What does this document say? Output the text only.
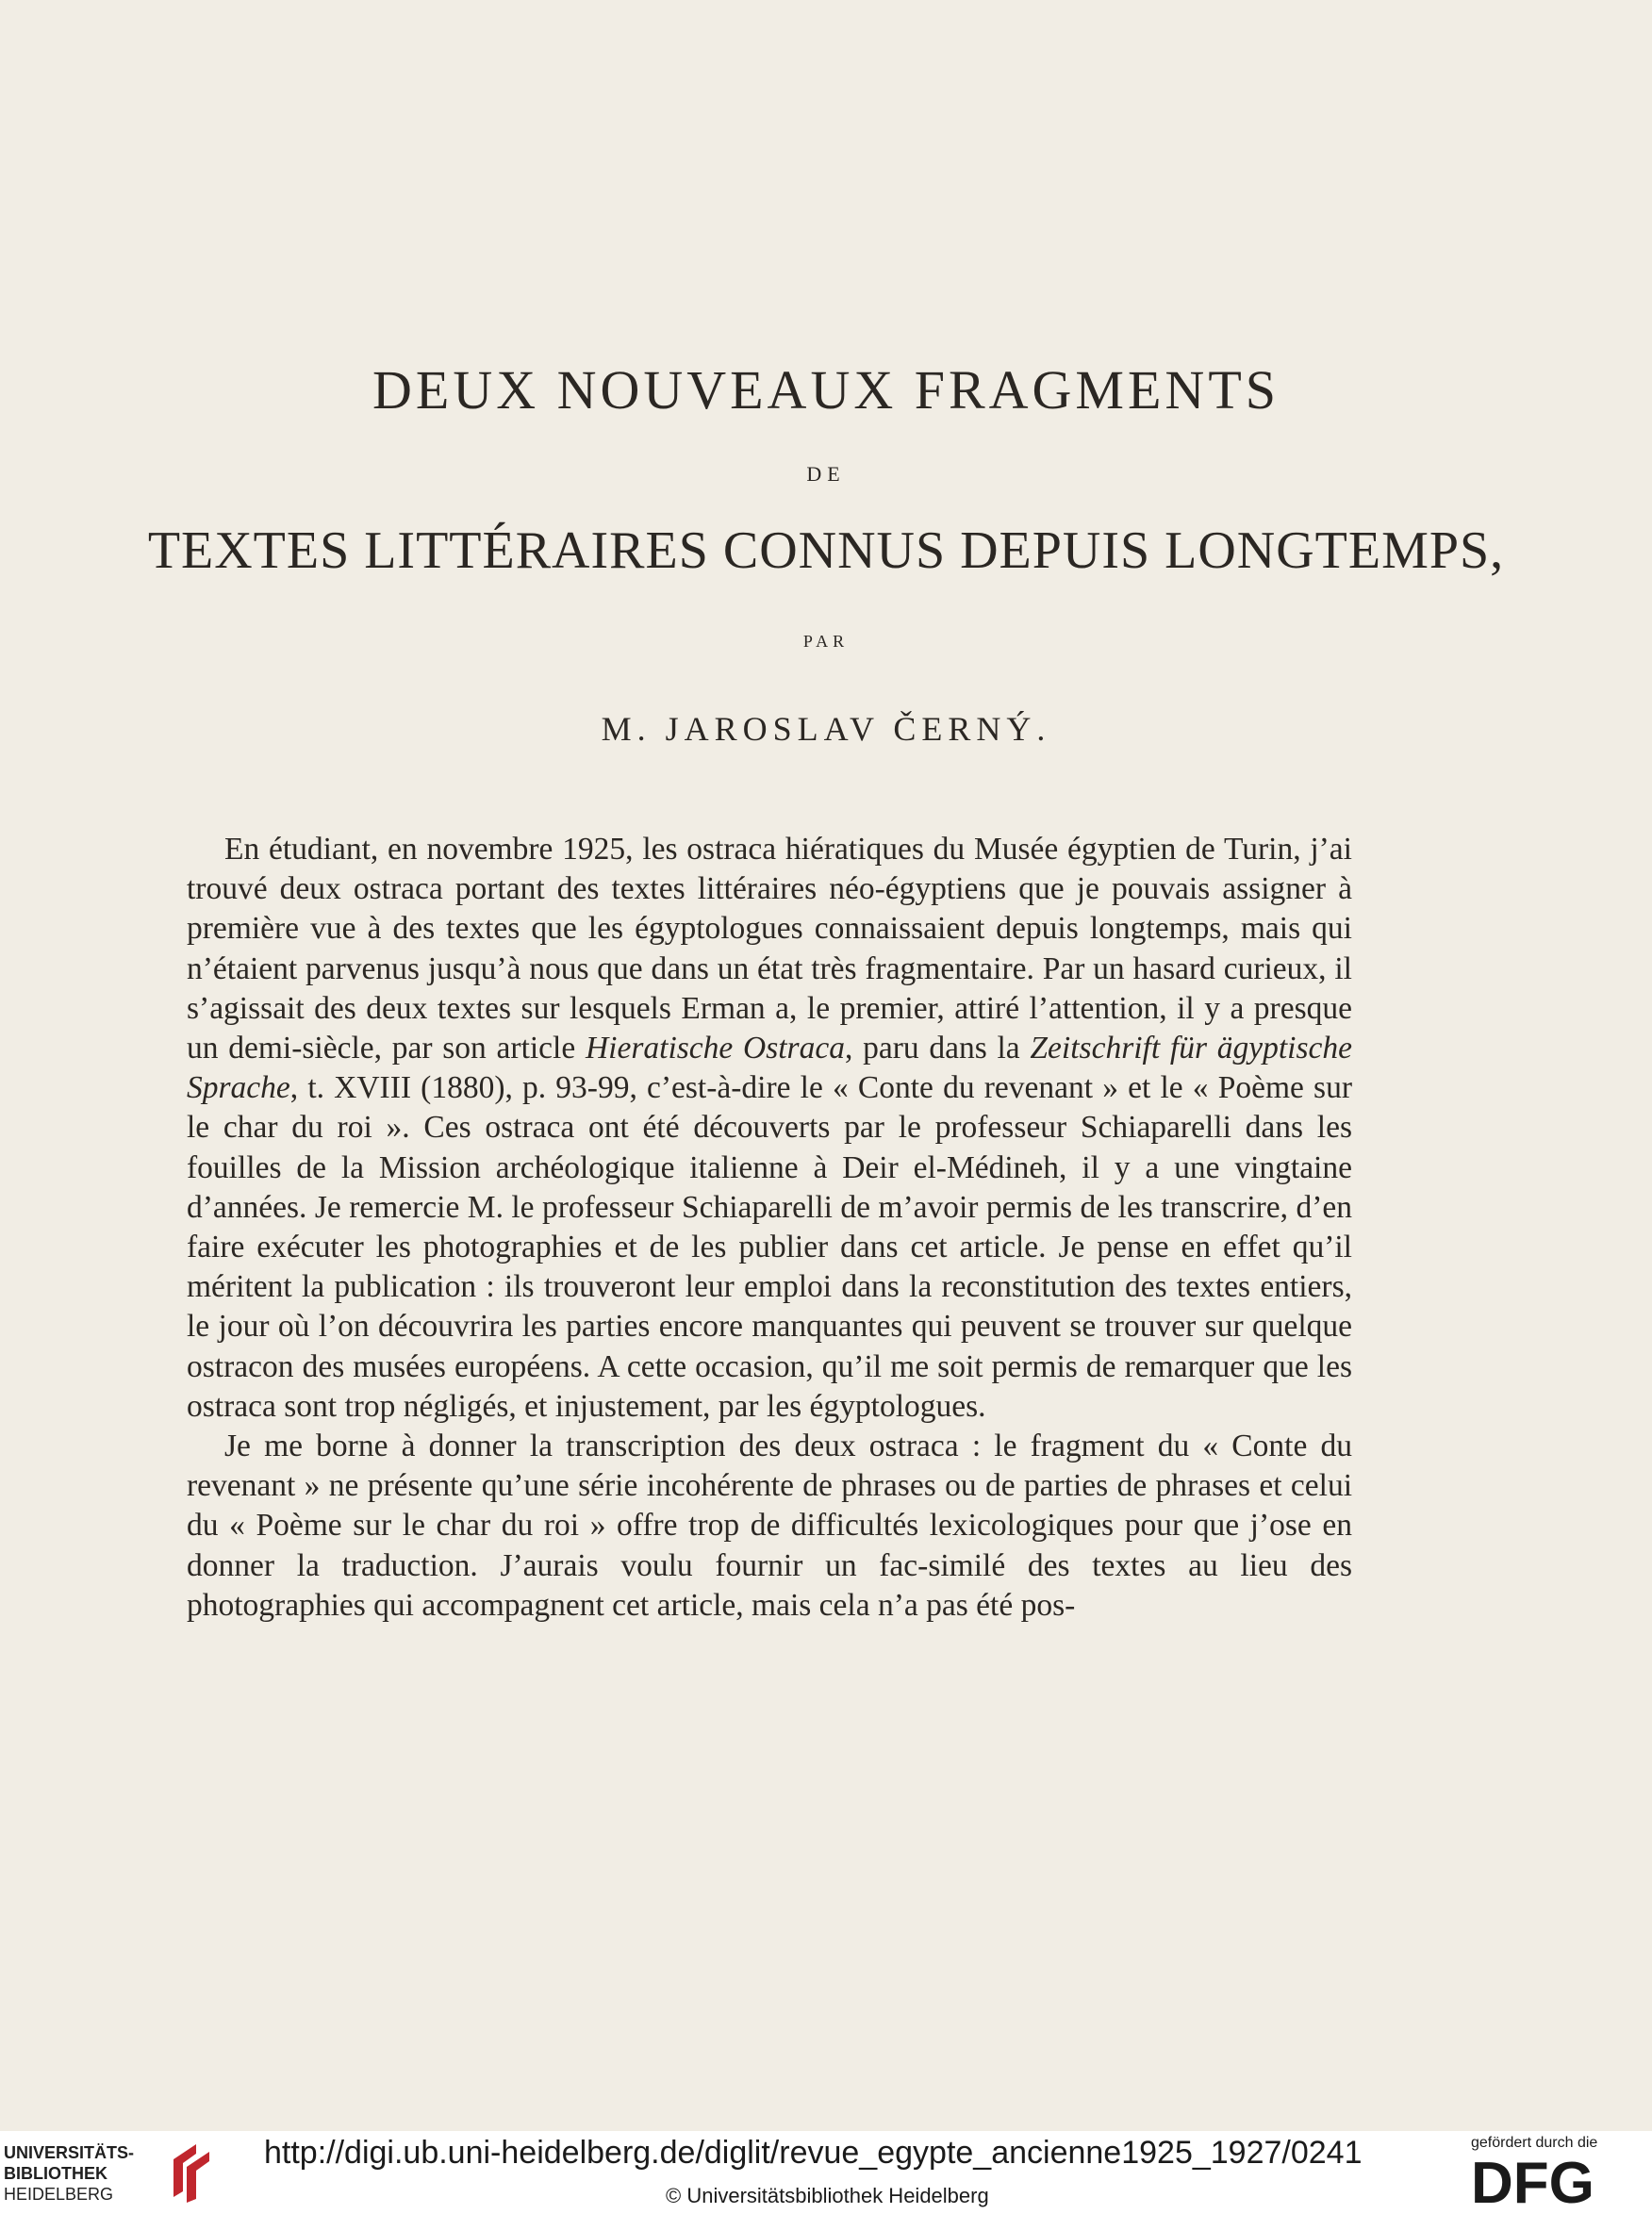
DEUX NOUVEAUX FRAGMENTS
DE
TEXTES LITTÉRAIRES CONNUS DEPUIS LONGTEMPS,
PAR
M. JAROSLAV ČERNÝ.

En étudiant, en novembre 1925, les ostraca hiératiques du Musée égyptien de Turin, j’ai trouvé deux ostraca portant des textes littéraires néo-égyptiens que je pouvais assigner à première vue à des textes que les égyptologues connaissaient depuis longtemps, mais qui n’étaient parvenus jusqu’à nous que dans un état très fragmentaire. Par un hasard curieux, il s’agissait des deux textes sur lesquels Erman a, le premier, attiré l’attention, il y a presque un demi-siècle, par son article Hieratische Ostraca, paru dans la Zeitschrift für ägyptische Sprache, t. XVIII (1880), p. 93-99, c’est-à-dire le « Conte du revenant » et le « Poème sur le char du roi ». Ces ostraca ont été découverts par le professeur Schiaparelli dans les fouilles de la Mission archéologique italienne à Deir el-Médineh, il y a une vingtaine d’années. Je remercie M. le professeur Schiaparelli de m’avoir permis de les transcrire, d’en faire exécuter les photographies et de les publier dans cet article. Je pense en effet qu’il méritent la publication : ils trouveront leur emploi dans la reconstitution des textes entiers, le jour où l’on découvrira les parties encore manquantes qui peuvent se trouver sur quelque ostracon des musées européens. A cette occasion, qu’il me soit permis de remarquer que les ostraca sont trop négligés, et injustement, par les égyptologues.

Je me borne à donner la transcription des deux ostraca : le fragment du « Conte du revenant » ne présente qu’une série incohérente de phrases ou de parties de phrases et celui du « Poème sur le char du roi » offre trop de difficultés lexicologiques pour que j’ose en donner la traduction. J’aurais voulu fournir un fac-similé des textes au lieu des photographies qui accompagnent cet article, mais cela n’a pas été pos-

UNIVERSITÄTS-
BIBLIOTHEK
HEIDELBERG
http://digi.ub.uni-heidelberg.de/diglit/revue_egypte_ancienne1925_1927/0241
© Universitätsbibliothek Heidelberg
gefördert durch die
DFG
